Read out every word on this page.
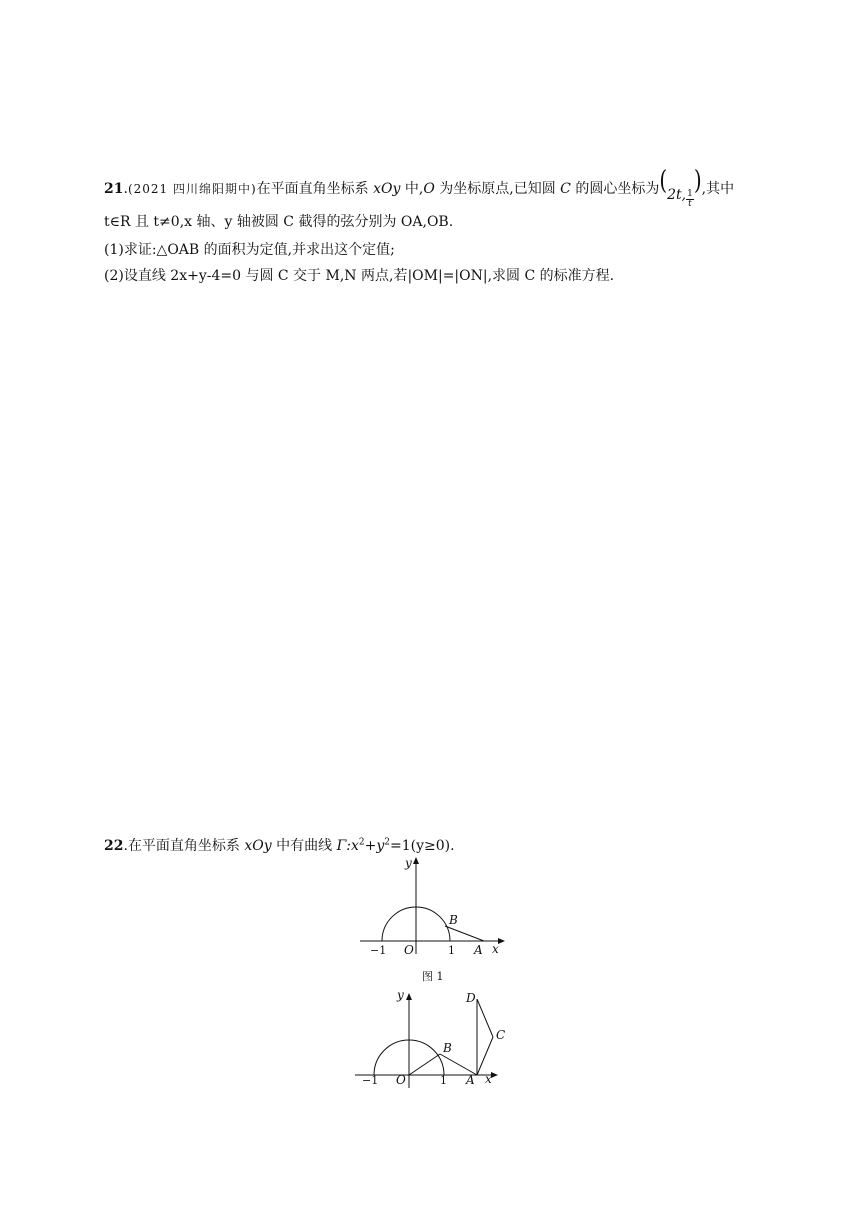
21.(2021 四川绵阳期中)在平面直角坐标系 xOy 中,O 为坐标原点,已知圆 C 的圆心坐标为(2t, $\frac{1}{t}$
),其中
t∈R 且 t≠0,x 轴、y 轴被圆 C 截得的弦分别为 OA,OB.
(1)求证:△OAB 的面积为定值,并求出这个定值;
(2)设直线 2x+y-4=0 与圆 C 交于 M,N 两点,若|OM|=|ON|,求圆 C 的标准方程.
22.在平面直角坐标系 xOy 中有曲线 $\Gamma:x^2+y^2=1(y\ge 0)$.
y
x
O
−1	1
B
A
图 1
y
x
O
−1	1
B
A
C
D
